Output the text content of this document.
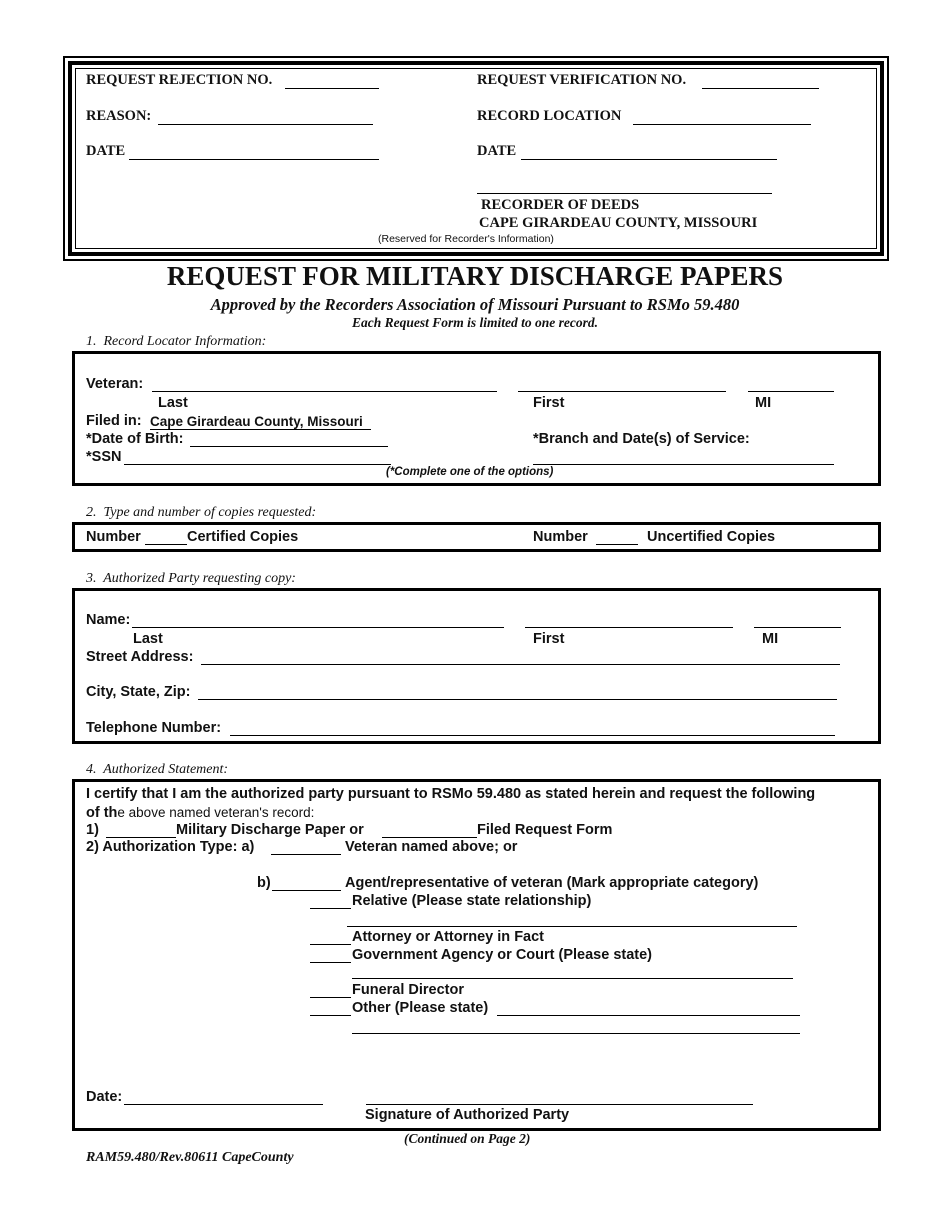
REQUEST REJECTION NO.
REASON:
DATE
REQUEST VERIFICATION NO.
RECORD LOCATION
DATE
RECORDER OF DEEDS
CAPE GIRARDEAU COUNTY, MISSOURI
(Reserved for Recorder's Information)
REQUEST FOR MILITARY DISCHARGE PAPERS
Approved by the Recorders Association of Missouri Pursuant to RSMo 59.480
Each Request Form is limited to one record.
1.  Record Locator Information:
Veteran:
Last	First	MI
Filed in: Cape Girardeau County, Missouri
*Date of Birth:	*Branch and Date(s) of Service:
*SSN
(*Complete one of the options)
2.  Type and number of copies requested:
Number	Certified Copies	Number	Uncertified Copies
3.  Authorized Party requesting copy:
Name:
Last	First	MI
Street Address:
City, State, Zip:
Telephone Number:
4.  Authorized Statement:
I certify that I am the authorized party pursuant to RSMo 59.480 as stated herein and request the following
of the above named veteran's record:
1)	Military Discharge Paper or	Filed Request Form
2) Authorization Type: a)	Veteran named above; or
b)	Agent/representative of veteran (Mark appropriate category)
Relative (Please state relationship)
Attorney or Attorney in Fact
Government Agency or Court (Please state)
Funeral Director
Other (Please state)
Date:
Signature of Authorized Party
(Continued on Page 2)
RAM59.480/Rev.80611 CapeCounty
